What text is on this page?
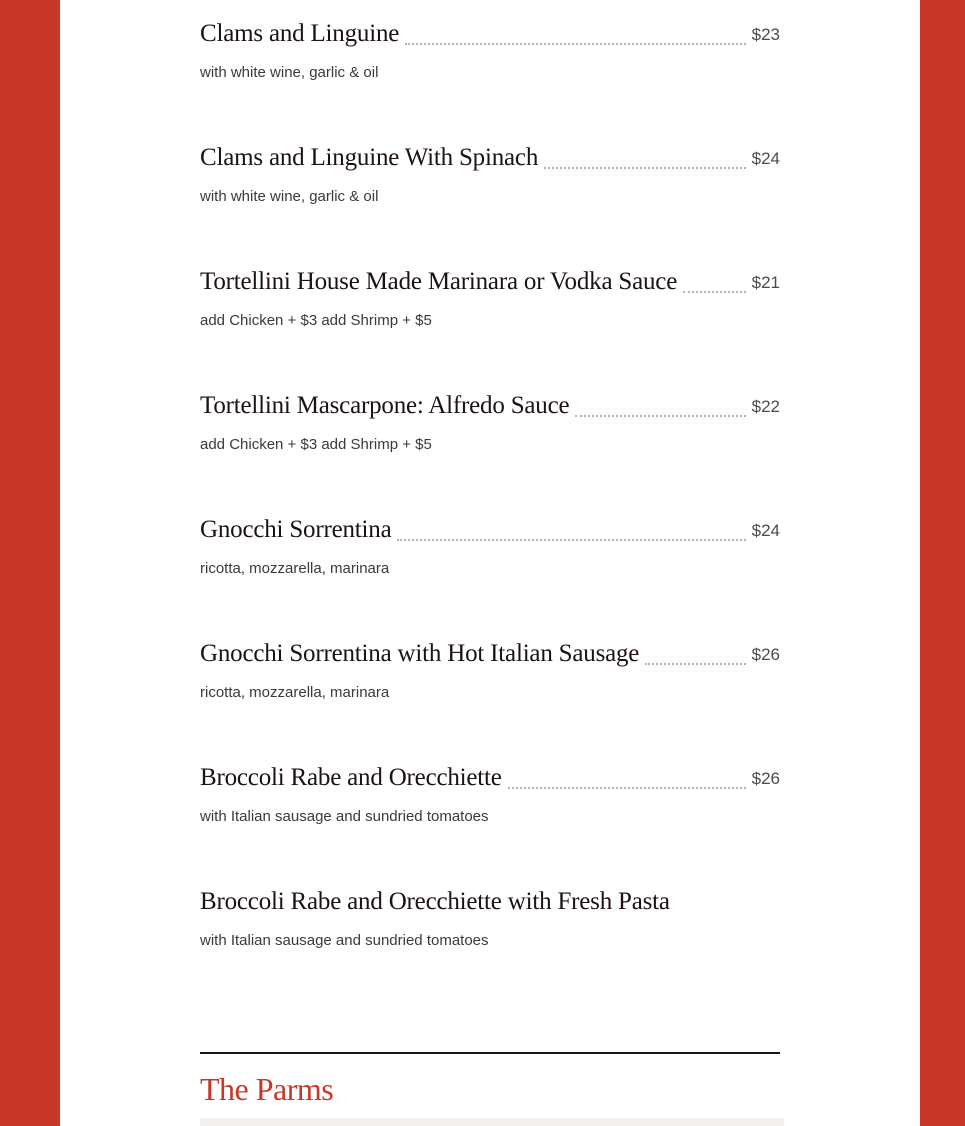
Clams and Linguine	$23
with white wine, garlic & oil
Clams and Linguine With Spinach	$24
with white wine, garlic & oil
Tortellini House Made Marinara or Vodka Sauce	$21
add Chicken + $3 add Shrimp + $5
Tortellini Mascarpone: Alfredo Sauce	$22
add Chicken + $3 add Shrimp + $5
Gnocchi Sorrentina	$24
ricotta, mozzarella, marinara
Gnocchi Sorrentina with Hot Italian Sausage	$26
ricotta, mozzarella, marinara
Broccoli Rabe and Orecchiette	$26
with Italian sausage and sundried tomatoes
Broccoli Rabe and Orecchiette with Fresh Pasta
with Italian sausage and sundried tomatoes
The Parms
